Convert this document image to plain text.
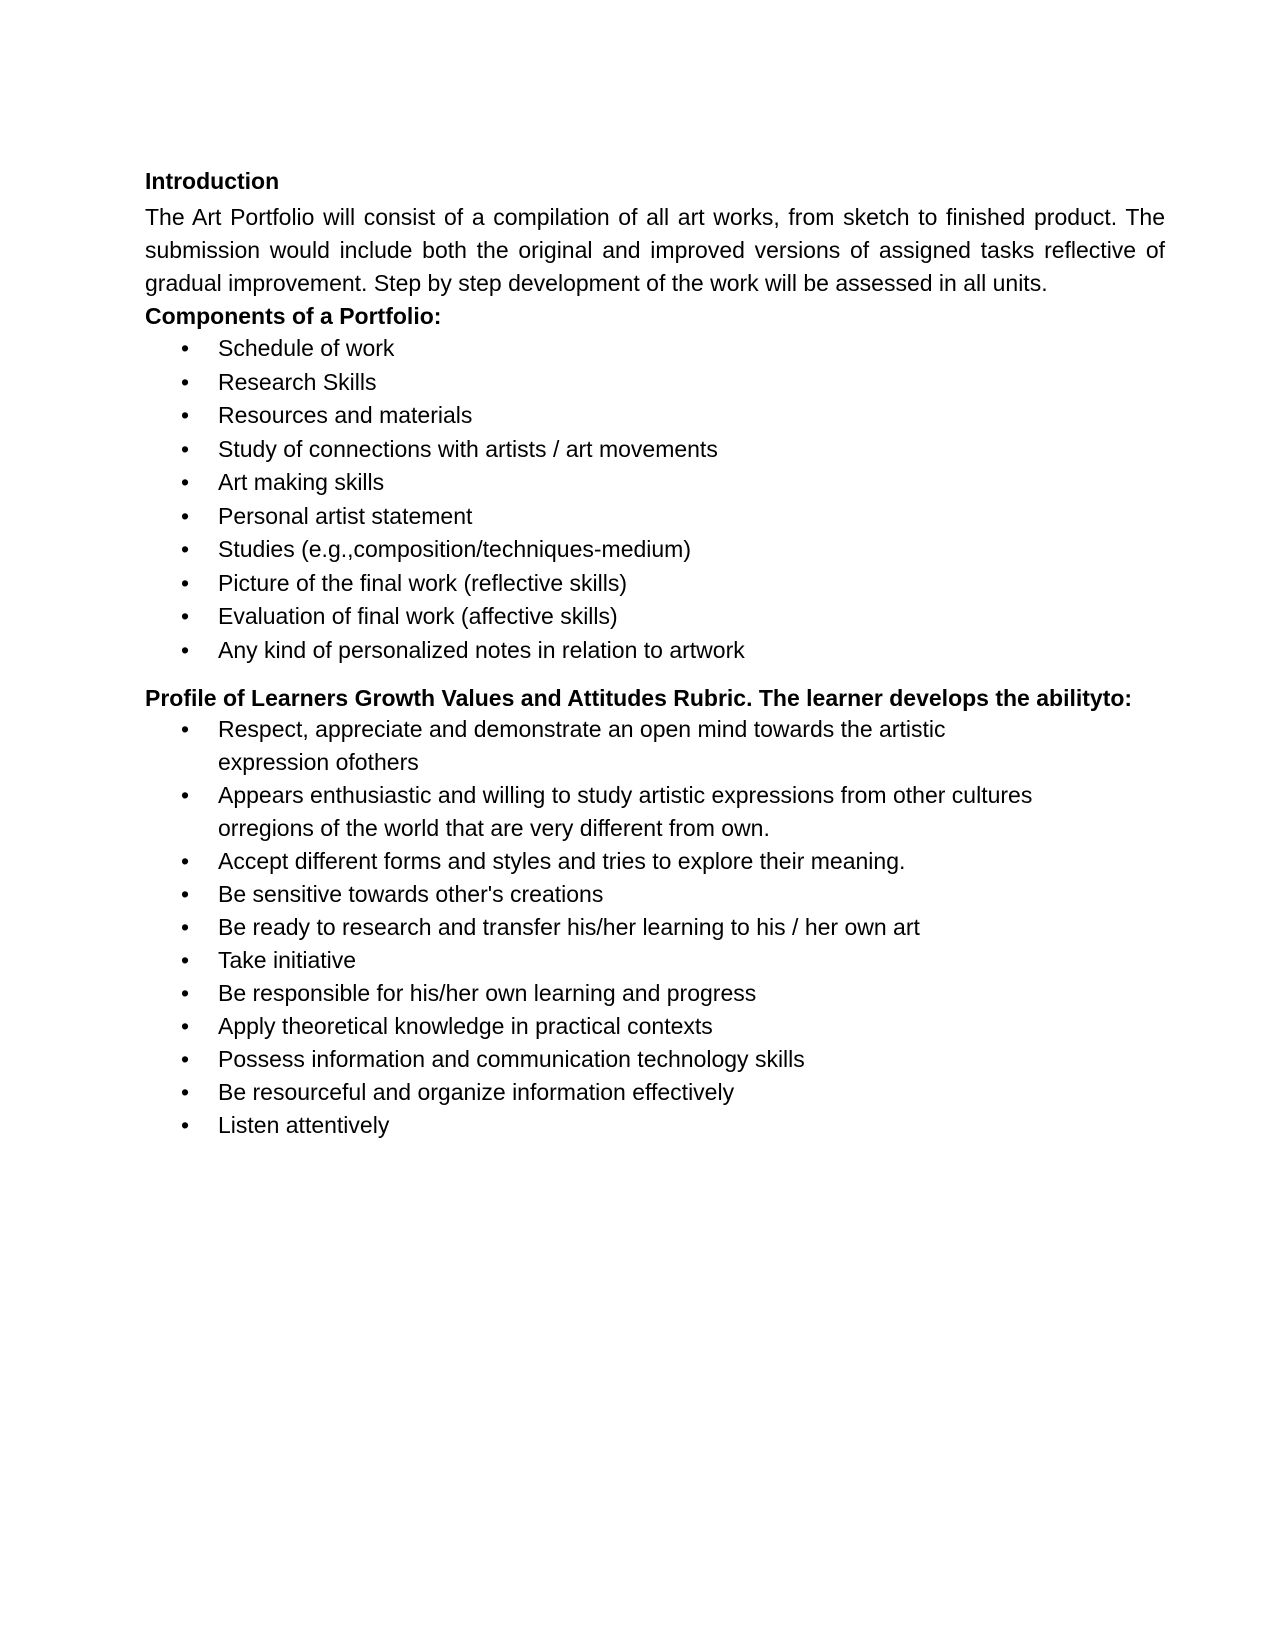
Introduction

The Art Portfolio will consist of a compilation of all art works, from sketch to finished product. The submission would include both the original and improved versions of assigned tasks reflective of gradual improvement. Step by step development of the work will be assessed in all units.

Components of a Portfolio:
• Schedule of work
• Research Skills
• Resources and materials
• Study of connections with artists / art movements
• Art making skills
• Personal artist statement
• Studies (e.g.,composition/techniques-medium)
• Picture of the final work (reflective skills)
• Evaluation of final work (affective skills)
• Any kind of personalized notes in relation to artwork
Profile of Learners Growth Values and Attitudes Rubric. The learner develops the abilityto:
• Respect, appreciate and demonstrate an open mind towards the artistic expression ofothers
• Appears enthusiastic and willing to study artistic expressions from other cultures orregions of the world that are very different from own.
• Accept different forms and styles and tries to explore their meaning.
• Be sensitive towards other's creations
• Be ready to research and transfer his/her learning to his / her own art
• Take initiative
• Be responsible for his/her own learning and progress
• Apply theoretical knowledge in practical contexts
• Possess information and communication technology skills
• Be resourceful and organize information effectively
• Listen attentively
